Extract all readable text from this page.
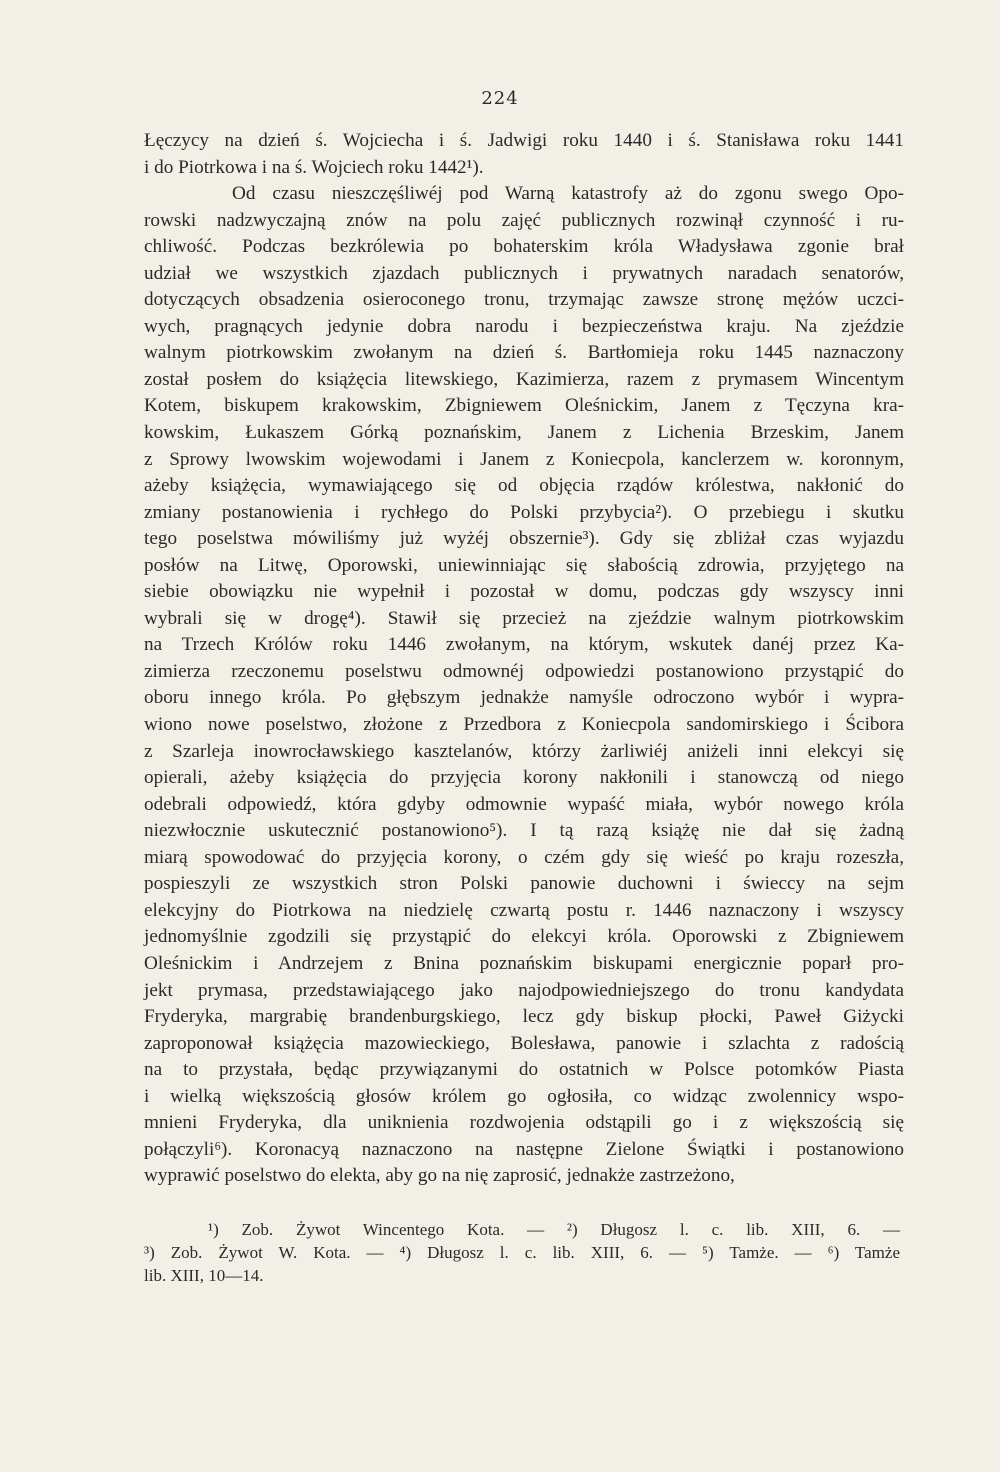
224
Łęczycy na dzień ś. Wojciecha i ś. Jadwigi roku 1440 i ś. Stanisława roku 1441
i do Piotrkowa i na ś. Wojciech roku 1442¹).
Od czasu nieszczęśliwéj pod Warną katastrofy aż do zgonu swego Opo-
rowski nadzwyczajną znów na polu zajęć publicznych rozwinął czynność i ru-
chliwość. Podczas bezkrólewia po bohaterskim króla Władysława zgonie brał
udział we wszystkich zjazdach publicznych i prywatnych naradach senatorów,
dotyczących obsadzenia osieroconego tronu, trzymając zawsze stronę mężów uczci-
wych, pragnących jedynie dobra narodu i bezpieczeństwa kraju. Na zjeździe
walnym piotrkowskim zwołanym na dzień ś. Bartłomieja roku 1445 naznaczony
został posłem do książęcia litewskiego, Kazimierza, razem z prymasem Wincentym
Kotem, biskupem krakowskim, Zbigniewem Oleśnickim, Janem z Tęczyna kra-
kowskim, Łukaszem Górką poznańskim, Janem z Lichenia Brzeskim, Janem
z Sprowy lwowskim wojewodami i Janem z Koniecpola, kanclerzem w. koronnym,
ażeby książęcia, wymawiającego się od objęcia rządów królestwa, nakłonić do
zmiany postanowienia i rychłego do Polski przybycia²). O przebiegu i skutku
tego poselstwa mówiliśmy już wyżéj obszernie³). Gdy się zbliżał czas wyjazdu
posłów na Litwę, Oporowski, uniewinniając się słabością zdrowia, przyjętego na
siebie obowiązku nie wypełnił i pozostał w domu, podczas gdy wszyscy inni
wybrali się w drogę⁴). Stawił się przecież na zjeździe walnym piotrkowskim
na Trzech Królów roku 1446 zwołanym, na którym, wskutek danéj przez Ka-
zimierza rzeczonemu poselstwu odmownéj odpowiedzi postanowiono przystąpić do
oboru innego króla. Po głębszym jednakże namyśle odroczono wybór i wypra-
wiono nowe poselstwo, złożone z Przedbora z Koniecpola sandomirskiego i Ścibora
z Szarleja inowrocławskiego kasztelanów, którzy żarliwiéj aniżeli inni elekcyi się
opierali, ażeby książęcia do przyjęcia korony nakłonili i stanowczą od niego
odebrali odpowiedź, która gdyby odmownie wypaść miała, wybór nowego króla
niezwłocznie uskutecznić postanowiono⁵). I tą razą książę nie dał się żadną
miarą spowodować do przyjęcia korony, o czém gdy się wieść po kraju rozeszła,
pospieszyli ze wszystkich stron Polski panowie duchowni i świeccy na sejm
elekcyjny do Piotrkowa na niedzielę czwartą postu r. 1446 naznaczony i wszyscy
jednomyślnie zgodzili się przystąpić do elekcyi króla. Oporowski z Zbigniewem
Oleśnickim i Andrzejem z Bnina poznańskim biskupami energicznie poparł pro-
jekt prymasa, przedstawiającego jako najodpowiedniejszego do tronu kandydata
Fryderyka, margrabię brandenburgskiego, lecz gdy biskup płocki, Paweł Giżycki
zaproponował książęcia mazowieckiego, Bolesława, panowie i szlachta z radością
na to przystała, będąc przywiązanymi do ostatnich w Polsce potomków Piasta
i wielką większością głosów królem go ogłosiła, co widząc zwolennicy wspo-
mnieni Fryderyka, dla uniknienia rozdwojenia odstąpili go i z większością się
połączyli⁶). Koronacyą naznaczono na następne Zielone Świątki i postanowiono
wyprawić poselstwo do elekta, aby go na nię zaprosić, jednakże zastrzeżono,
¹) Zob. Żywot Wincentego Kota. — ²) Długosz l. c. lib. XIII, 6. —
³) Zob. Żywot W. Kota. — ⁴) Długosz l. c. lib. XIII, 6. — ⁵) Tamże. — ⁶) Tamże
lib. XIII, 10—14.
